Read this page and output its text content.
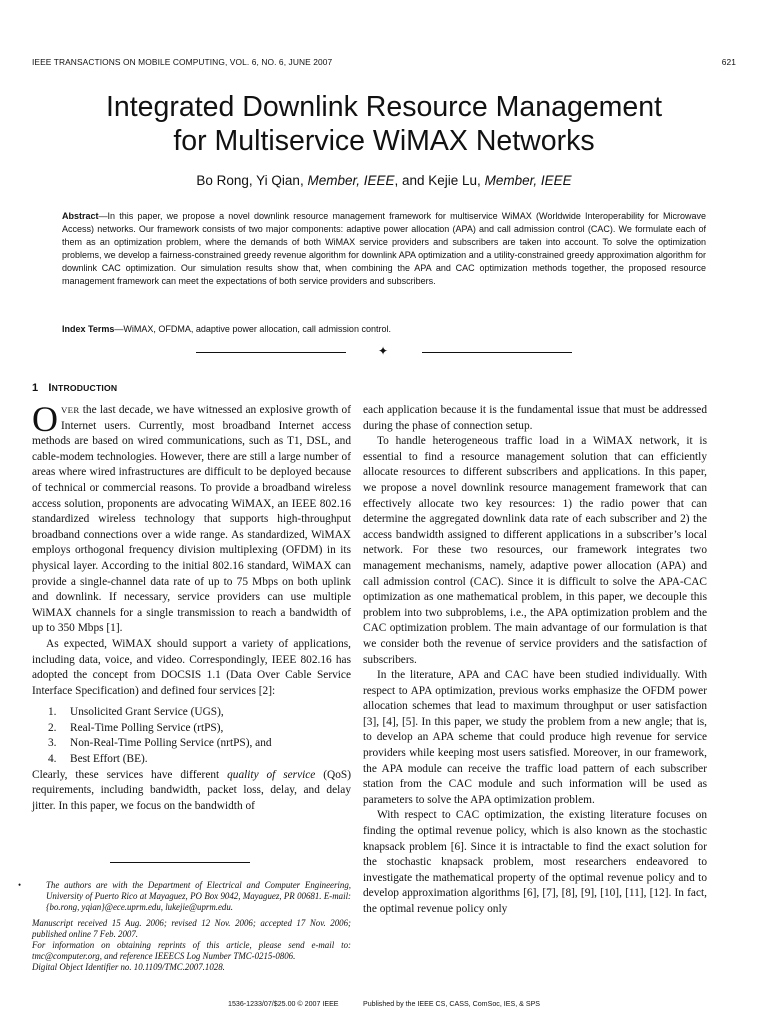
IEEE TRANSACTIONS ON MOBILE COMPUTING, VOL. 6, NO. 6, JUNE 2007	621
Integrated Downlink Resource Management
for Multiservice WiMAX Networks
Bo Rong, Yi Qian, Member, IEEE, and Kejie Lu, Member, IEEE
Abstract—In this paper, we propose a novel downlink resource management framework for multiservice WiMAX (Worldwide Interoperability for Microwave Access) networks. Our framework consists of two major components: adaptive power allocation (APA) and call admission control (CAC). We formulate each of them as an optimization problem, where the demands of both WiMAX service providers and subscribers are taken into account. To solve the optimization problems, we develop a fairness-constrained greedy revenue algorithm for downlink APA optimization and a utility-constrained greedy approximation algorithm for downlink CAC optimization. Our simulation results show that, when combining the APA and CAC optimization methods together, the proposed resource management framework can meet the expectations of both service providers and subscribers.
Index Terms—WiMAX, OFDMA, adaptive power allocation, call admission control.
✦
1 INTRODUCTION

OVER the last decade, we have witnessed an explosive growth of Internet users. Currently, most broadband Internet access methods are based on wired communications, such as T1, DSL, and cable-modem technologies. However, there are still a large number of areas where wired infrastructures are difficult to be deployed because of technical or commercial reasons. To provide a broadband wireless access solution, proponents are advocating WiMAX, an IEEE 802.16 standardized wireless technology that supports high-throughput broadband connections over a wide range. As standardized, WiMAX employs orthogonal frequency division multiplexing (OFDM) in its physical layer. According to the initial 802.16 standard, WiMAX can provide a single-channel data rate of up to 75 Mbps on both uplink and downlink. If necessary, service providers can use multiple WiMAX channels for a single transmission to reach a bandwidth of up to 350 Mbps [1].

As expected, WiMAX should support a variety of applications, including data, voice, and video. Correspondingly, IEEE 802.16 has adopted the concept from DOCSIS 1.1 (Data Over Cable Service Interface Specification) and defined four services [2]:

1.	Unsolicited Grant Service (UGS),
2.	Real-Time Polling Service (rtPS),
3.	Non-Real-Time Polling Service (nrtPS), and
4.	Best Effort (BE).

Clearly, these services have different quality of service (QoS) requirements, including bandwidth, packet loss, delay, and delay jitter. In this paper, we focus on the bandwidth of

•	The authors are with the Department of Electrical and Computer Engineering, University of Puerto Rico at Mayaguez, PO Box 9042, Mayaguez, PR 00681. E-mail: {bo.rong, yqian}@ece.uprm.edu, lukejie@uprm.edu.

Manuscript received 15 Aug. 2006; revised 12 Nov. 2006; accepted 17 Nov. 2006; published online 7 Feb. 2007.

For information on obtaining reprints of this article, please send e-mail to: tmc@computer.org, and reference IEEECS Log Number TMC-0215-0806.

Digital Object Identifier no. 10.1109/TMC.2007.1028.

each application because it is the fundamental issue that must be addressed during the phase of connection setup.

To handle heterogeneous traffic load in a WiMAX network, it is essential to find a resource management solution that can efficiently allocate resources to different subscribers and applications. In this paper, we propose a novel downlink resource management framework that can effectively allocate two key resources: 1) the radio power that can determine the aggregated downlink data rate of each subscriber and 2) the access bandwidth assigned to different applications in a subscriber’s local network. For these two resources, our framework integrates two management mechanisms, namely, adaptive power allocation (APA) and call admission control (CAC). Since it is difficult to solve the APA-CAC optimization as one mathematical problem, in this paper, we decouple this problem into two subproblems, i.e., the APA optimization problem and the CAC optimization problem. The main advantage of our formulation is that we consider both the revenue of service providers and the satisfaction of subscribers.

In the literature, APA and CAC have been studied individually. With respect to APA optimization, previous works emphasize the OFDM power allocation schemes that lead to maximum throughput or user satisfaction [3], [4], [5]. In this paper, we study the problem from a new angle; that is, to develop an APA scheme that could produce high revenue for service providers while keeping most users satisfied. Moreover, in our framework, the APA module can receive the traffic load pattern of each subscriber station from the CAC module and such information will be used as parameters to solve the APA optimization problem.

With respect to CAC optimization, the existing literature focuses on finding the optimal revenue policy, which is also known as the stochastic knapsack problem [6]. Since it is intractable to find the exact solution for the stochastic knapsack problem, most researchers endeavored to investigate the mathematical property of the optimal revenue policy and to develop approximation algorithms [6], [7], [8], [9], [10], [11], [12]. In fact, the optimal revenue policy only

1536-1233/07/$25.00 © 2007 IEEE	Published by the IEEE CS, CASS, ComSoc, IES, & SPS
